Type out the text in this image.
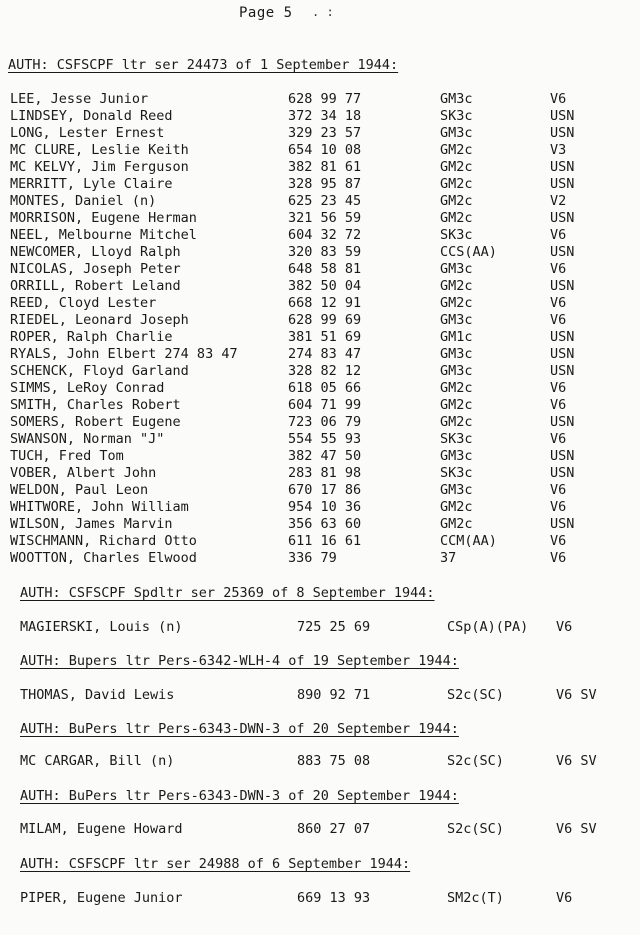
Page 5 . :
AUTH: CSFSCPF ltr ser 24473 of 1 September 1944:
LEE, Jesse Junior	628 99 77	GM3c	V6
LINDSEY, Donald Reed	372 34 18	SK3c	USN
LONG, Lester Ernest	329 23 57	GM3c	USN
MC CLURE, Leslie Keith	654 10 08	GM2c	V3
MC KELVY, Jim Ferguson	382 81 61	GM2c	USN
MERRITT, Lyle Claire	328 95 87	GM2c	USN
MONTES, Daniel (n)	625 23 45	GM2c	V2
MORRISON, Eugene Herman	321 56 59	GM2c	USN
NEEL, Melbourne Mitchel	604 32 72	SK3c	V6
NEWCOMER, Lloyd Ralph	320 83 59	CCS(AA)	USN
NICOLAS, Joseph Peter	648 58 81	GM3c	V6
ORRILL, Robert Leland	382 50 04	GM2c	USN
REED, Cloyd Lester	668 12 91	GM2c	V6
RIEDEL, Leonard Joseph	628 99 69	GM3c	V6
ROPER, Ralph Charlie	381 51 69	GM1c	USN
RYALS, John Elbert 274 83 47	274 83 47	GM3c	USN
SCHENCK, Floyd Garland	328 82 12	GM3c	USN
SIMMS, LeRoy Conrad	618 05 66	GM2c	V6
SMITH, Charles Robert	604 71 99	GM2c	V6
SOMERS, Robert Eugene	723 06 79	GM2c	USN
SWANSON, Norman "J"	554 55 93	SK3c	V6
TUCH, Fred Tom	382 47 50	GM3c	USN
VOBER, Albert John	283 81 98	SK3c	USN
WELDON, Paul Leon	670 17 86	GM3c	V6
WHITWORE, John William	954 10 36	GM2c	V6
WILSON, James Marvin	356 63 60	GM2c	USN
WISCHMANN, Richard Otto	611 16 61	CCM(AA)	V6
WOOTTON, Charles Elwood	336 79	37	V6
AUTH: CSFSCPF Spdltr ser 25369 of 8 September 1944:
MAGIERSKI, Louis (n)	725 25 69	CSp(A)(PA) V6
AUTH: Bupers ltr Pers-6342-WLH-4 of 19 September 1944:
THOMAS, David Lewis	890 92 71	S2c(SC)	V6 SV
AUTH: BuPers ltr Pers-6343-DWN-3 of 20 September 1944:
MC CARGAR, Bill (n)	883 75 08	S2c(SC)	V6 SV
AUTH: BuPers ltr Pers-6343-DWN-3 of 20 September 1944:
MILAM, Eugene Howard	860 27 07	S2c(SC)	V6 SV
AUTH: CSFSCPF ltr ser 24988 of 6 September 1944:
PIPER, Eugene Junior	669 13 93	SM2c(T)	V6
